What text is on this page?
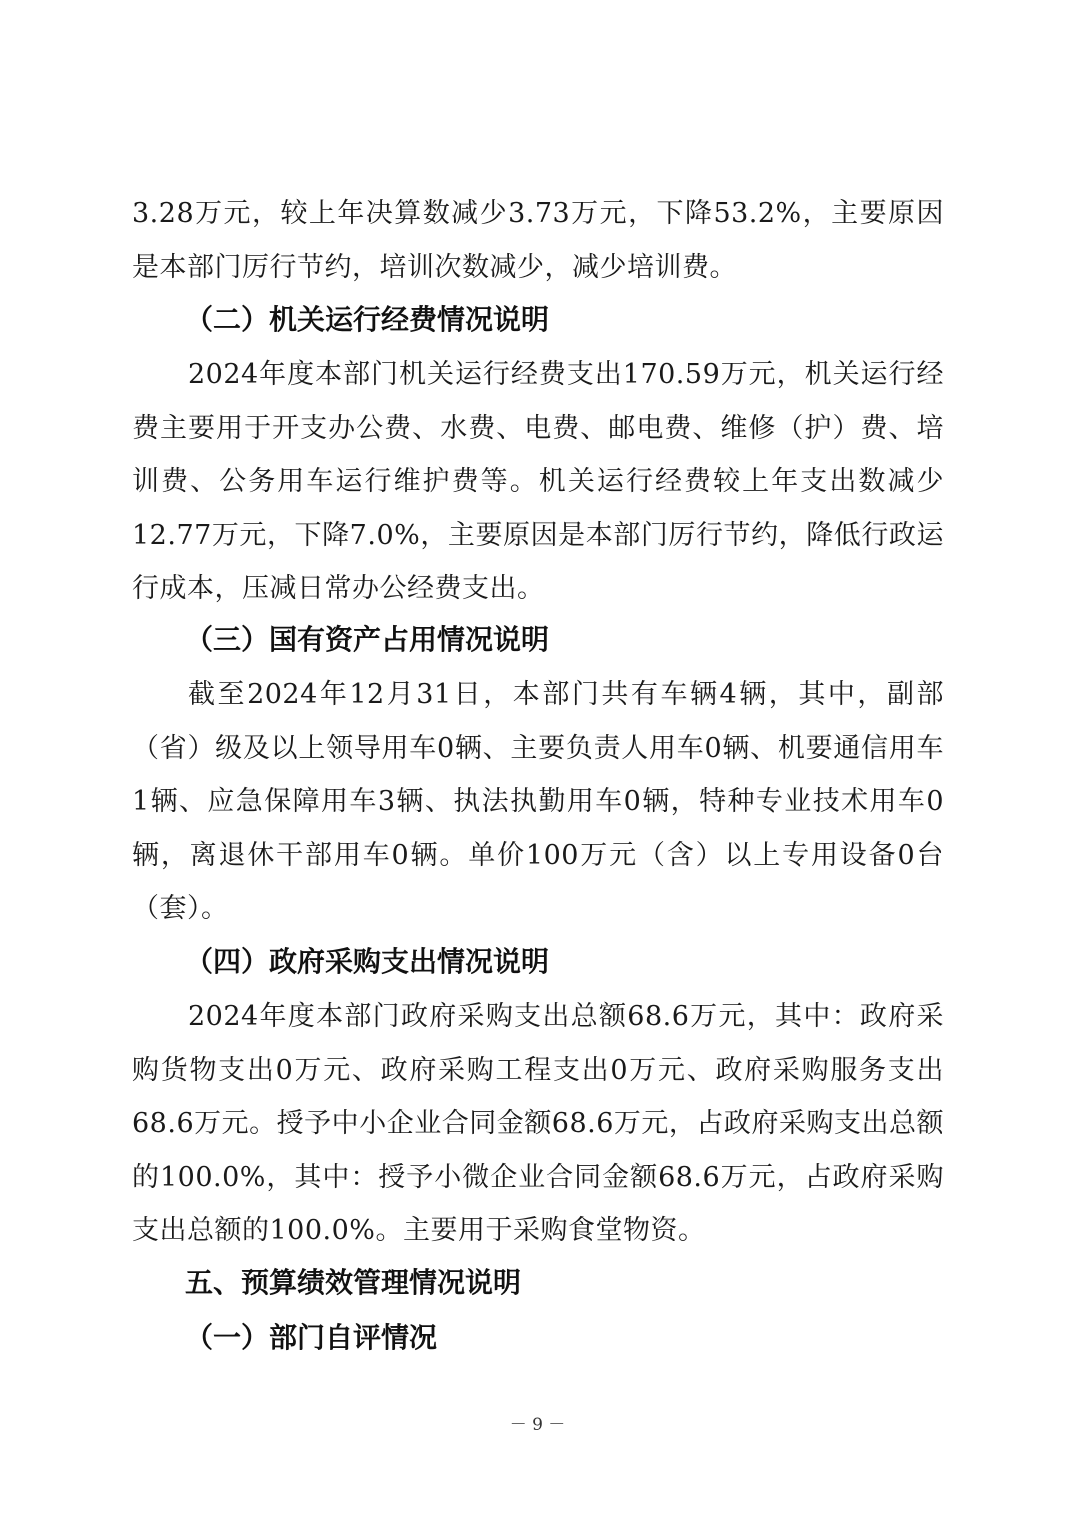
3.28万元，较上年决算数减少3.73万元，下降53.2%，主要原因是本部门厉行节约，培训次数减少，减少培训费。

（二）机关运行经费情况说明

2024年度本部门机关运行经费支出170.59万元，机关运行经费主要用于开支办公费、水费、电费、邮电费、维修（护）费、培训费、公务用车运行维护费等。机关运行经费较上年支出数减少12.77万元，下降7.0%，主要原因是本部门厉行节约，降低行政运行成本，压减日常办公经费支出。

（三）国有资产占用情况说明

截至2024年12月31日，本部门共有车辆4辆，其中，副部（省）级及以上领导用车0辆、主要负责人用车0辆、机要通信用车1辆、应急保障用车3辆、执法执勤用车0辆，特种专业技术用车0辆，离退休干部用车0辆。单价100万元（含）以上专用设备0台（套）。

（四）政府采购支出情况说明

2024年度本部门政府采购支出总额68.6万元，其中：政府采购货物支出0万元、政府采购工程支出0万元、政府采购服务支出68.6万元。授予中小企业合同金额68.6万元，占政府采购支出总额的100.0%，其中：授予小微企业合同金额68.6万元，占政府采购支出总额的100.0%。主要用于采购食堂物资。

五、预算绩效管理情况说明
（一）部门自评情况
－ 9 －
